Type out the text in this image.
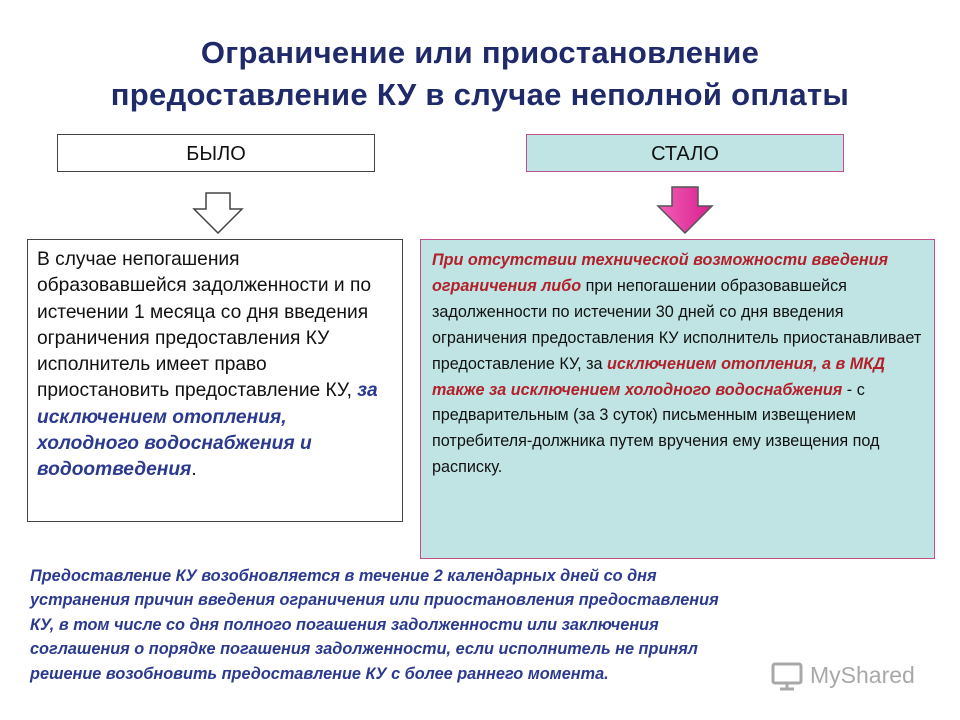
Ограничение или приостановление
предоставление КУ в случае неполной оплаты
БЫЛО	СТАЛО
В случае непогашения образовавшейся задолженности и по истечении 1 месяца со дня введения ограничения предоставления КУ исполнитель имеет право приостановить предоставление КУ, за исключением отопления, холодного водоснабжения и водоотведения.
При отсутствии технической возможности введения ограничения либо при непогашении образовавшейся задолженности по истечении 30 дней со дня введения ограничения предоставления КУ исполнитель приостанавливает предоставление КУ, за исключением отопления, а в МКД также за исключением холодного водоснабжения - с предварительным (за 3 суток) письменным извещением потребителя-должника путем вручения ему извещения под расписку.
Предоставление КУ возобновляется в течение 2 календарных дней со дня
устранения причин введения ограничения или приостановления предоставления
КУ, в том числе со дня полного погашения задолженности или заключения
соглашения о порядке погашения задолженности, если исполнитель не принял
решение возобновить предоставление КУ с более раннего момента.	MyShared
